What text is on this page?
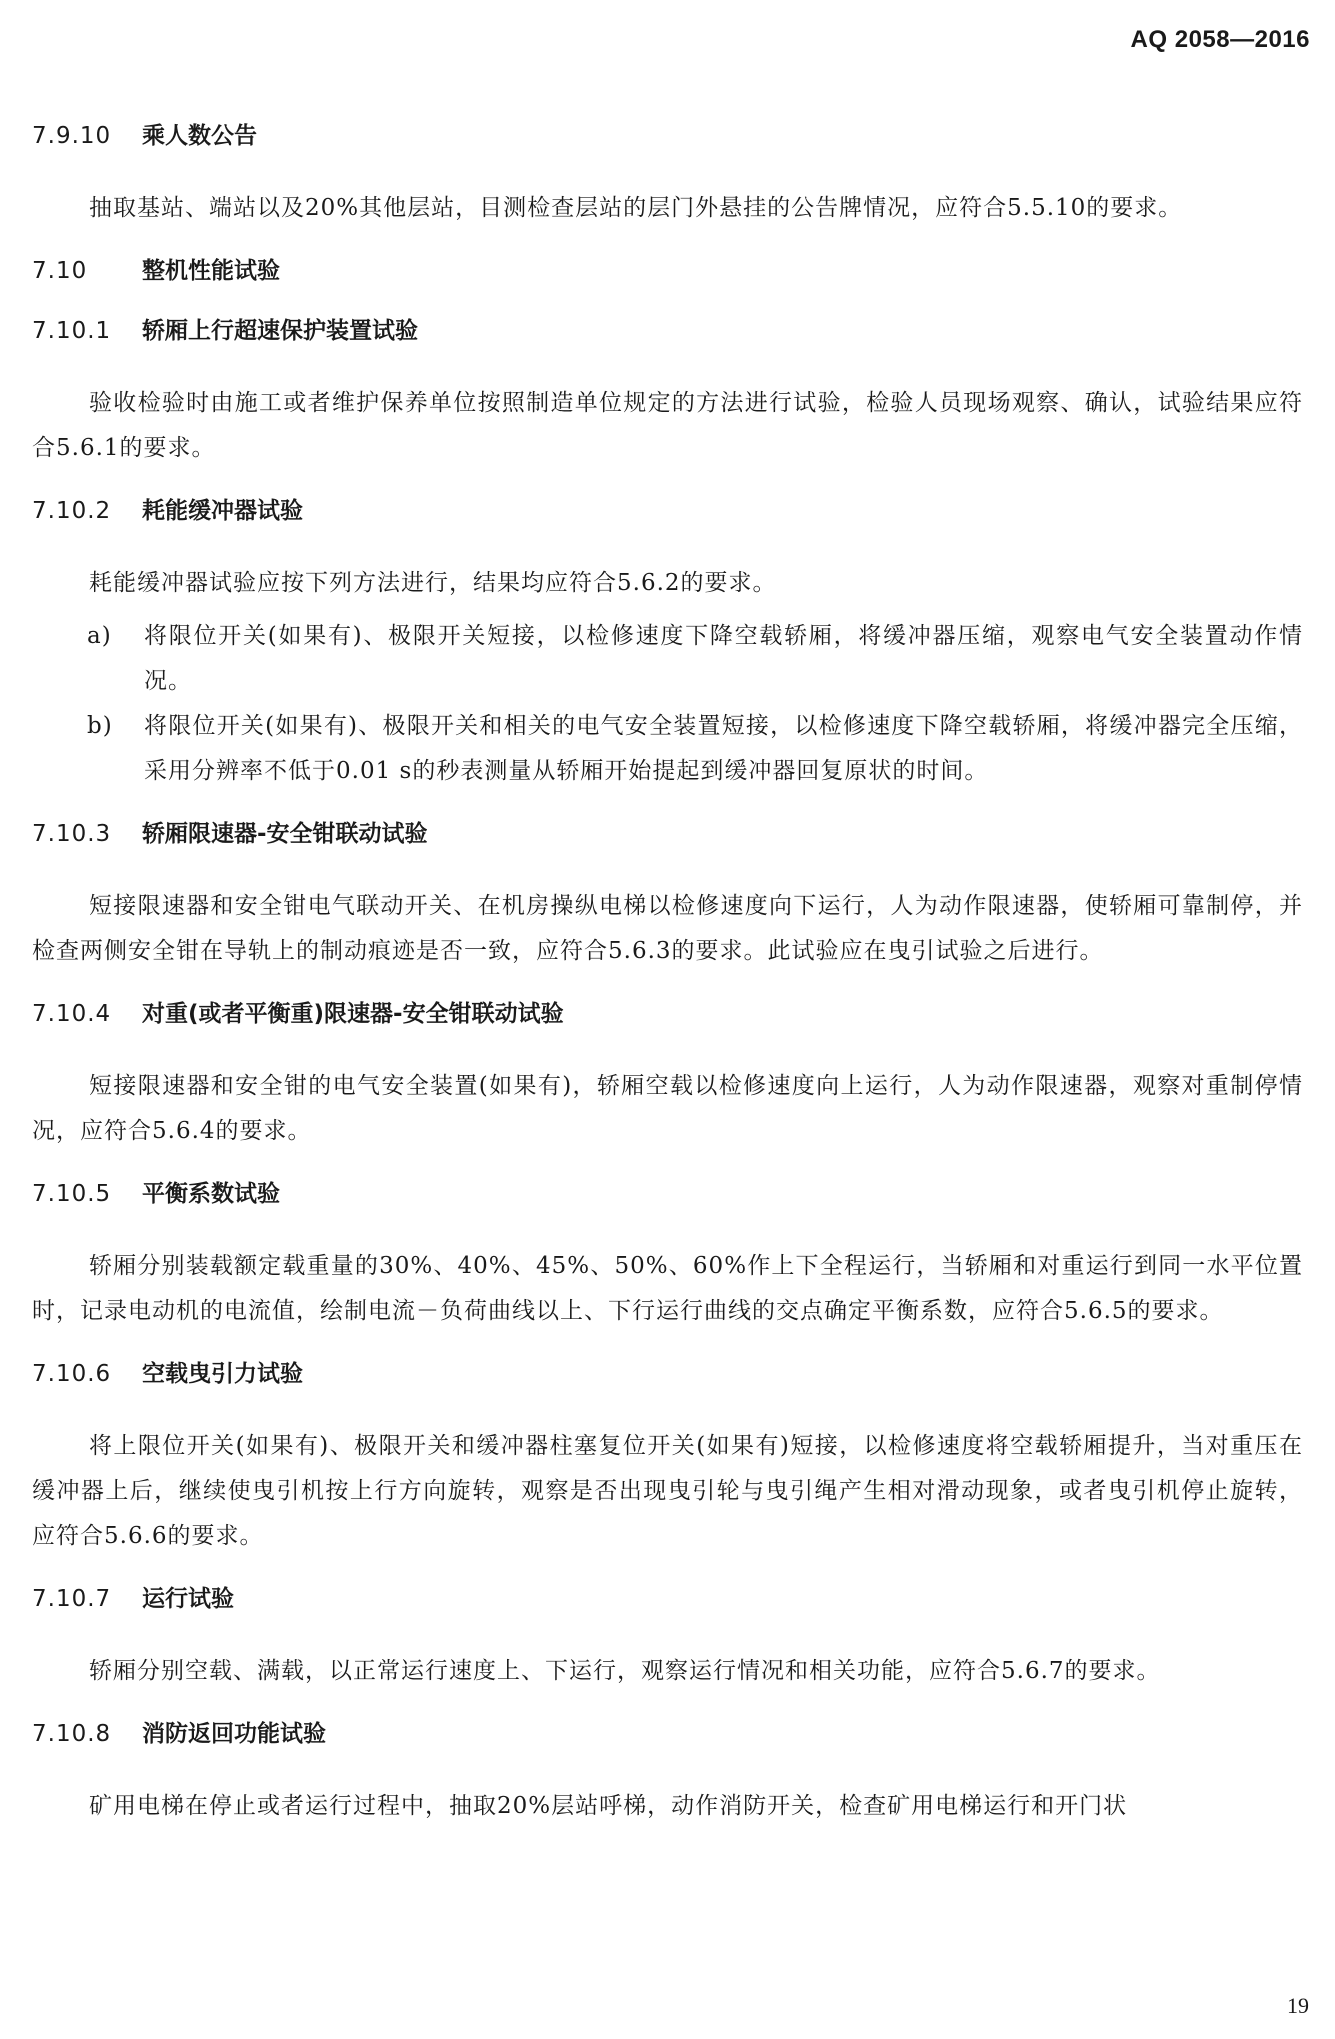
AQ 2058—2016
7.9.10	乘人数公告

抽取基站、端站以及20%其他层站，目测检查层站的层门外悬挂的公告牌情况，应符合5.5.10的要求。

7.10	整机性能试验
7.10.1	轿厢上行超速保护装置试验

验收检验时由施工或者维护保养单位按照制造单位规定的方法进行试验，检验人员现场观察、确认，试验结果应符合5.6.1的要求。

7.10.2	耗能缓冲器试验

耗能缓冲器试验应按下列方法进行，结果均应符合5.6.2的要求。

a)	将限位开关(如果有)、极限开关短接，以检修速度下降空载轿厢，将缓冲器压缩，观察电气安全装置动作情况。
b)	将限位开关(如果有)、极限开关和相关的电气安全装置短接，以检修速度下降空载轿厢，将缓冲器完全压缩，采用分辨率不低于0.01 s的秒表测量从轿厢开始提起到缓冲器回复原状的时间。
7.10.3	轿厢限速器-安全钳联动试验

短接限速器和安全钳电气联动开关、在机房操纵电梯以检修速度向下运行，人为动作限速器，使轿厢可靠制停，并检查两侧安全钳在导轨上的制动痕迹是否一致，应符合5.6.3的要求。此试验应在曳引试验之后进行。

7.10.4	对重(或者平衡重)限速器-安全钳联动试验

短接限速器和安全钳的电气安全装置(如果有)，轿厢空载以检修速度向上运行，人为动作限速器，观察对重制停情况，应符合5.6.4的要求。

7.10.5	平衡系数试验

轿厢分别装载额定载重量的30%、40%、45%、50%、60%作上下全程运行，当轿厢和对重运行到同一水平位置时，记录电动机的电流值，绘制电流－负荷曲线以上、下行运行曲线的交点确定平衡系数，应符合5.6.5的要求。

7.10.6	空载曳引力试验

将上限位开关(如果有)、极限开关和缓冲器柱塞复位开关(如果有)短接，以检修速度将空载轿厢提升，当对重压在缓冲器上后，继续使曳引机按上行方向旋转，观察是否出现曳引轮与曳引绳产生相对滑动现象，或者曳引机停止旋转，应符合5.6.6的要求。

7.10.7	运行试验

轿厢分别空载、满载，以正常运行速度上、下运行，观察运行情况和相关功能，应符合5.6.7的要求。

7.10.8	消防返回功能试验

矿用电梯在停止或者运行过程中，抽取20%层站呼梯，动作消防开关，检查矿用电梯运行和开门状

19
